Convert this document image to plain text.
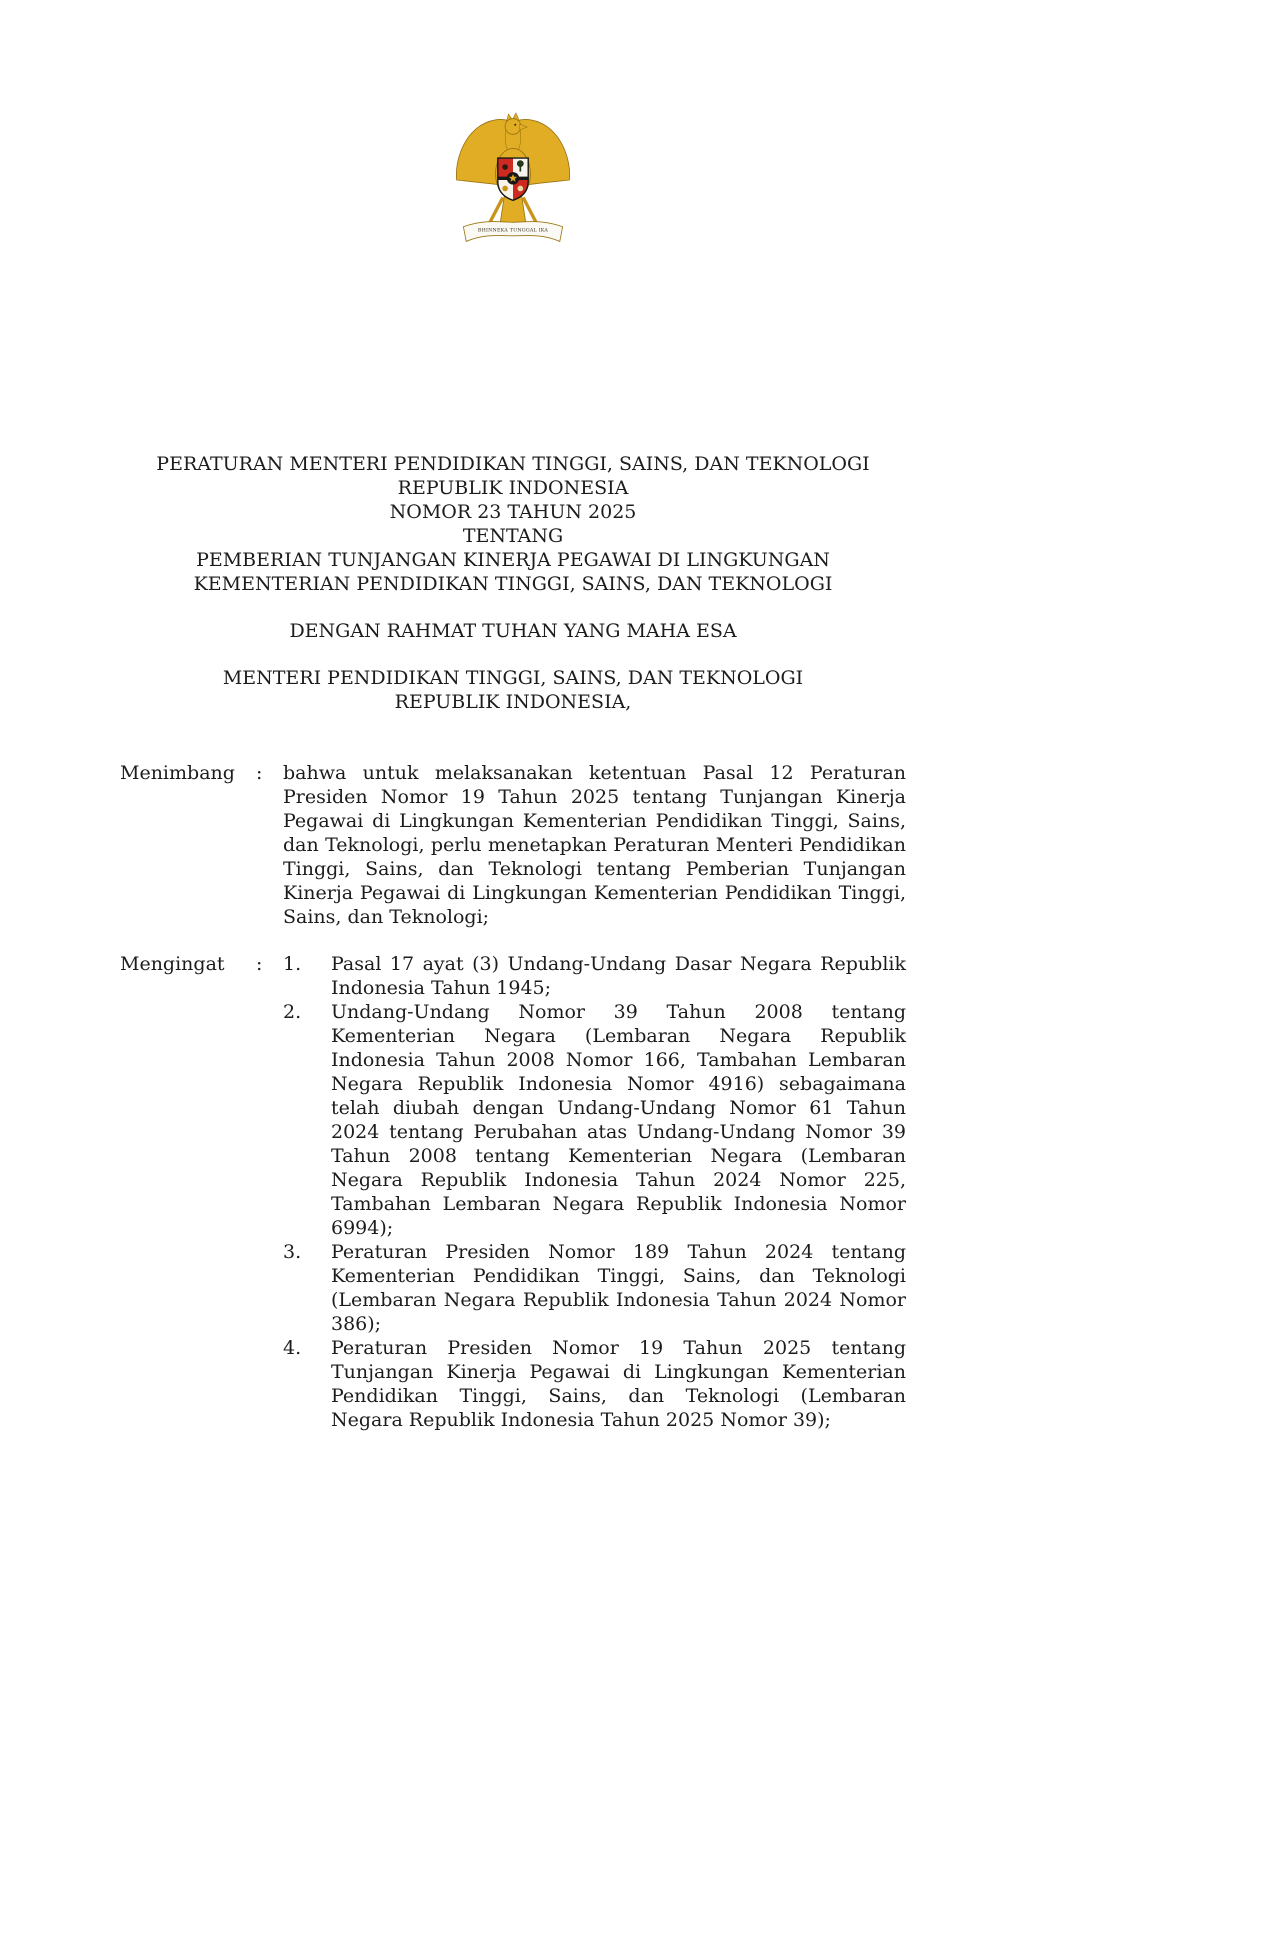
BHINNEKA TUNGGAL IKA
PERATURAN MENTERI PENDIDIKAN TINGGI, SAINS, DAN TEKNOLOGI
REPUBLIK INDONESIA
NOMOR 23 TAHUN 2025
TENTANG
PEMBERIAN TUNJANGAN KINERJA PEGAWAI DI LINGKUNGAN
KEMENTERIAN PENDIDIKAN TINGGI, SAINS, DAN TEKNOLOGI
DENGAN RAHMAT TUHAN YANG MAHA ESA
MENTERI PENDIDIKAN TINGGI, SAINS, DAN TEKNOLOGI
REPUBLIK INDONESIA,
Menimbang	:	bahwa untuk melaksanakan ketentuan Pasal 12 Peraturan Presiden Nomor 19 Tahun 2025 tentang Tunjangan Kinerja Pegawai di Lingkungan Kementerian Pendidikan Tinggi, Sains, dan Teknologi, perlu menetapkan Peraturan Menteri Pendidikan Tinggi, Sains, dan Teknologi tentang Pemberian Tunjangan Kinerja Pegawai di Lingkungan Kementerian Pendidikan Tinggi, Sains, dan Teknologi;
Mengingat	:	1.	Pasal 17 ayat (3) Undang-Undang Dasar Negara Republik Indonesia Tahun 1945;
2.	Undang-Undang Nomor 39 Tahun 2008 tentang Kementerian Negara (Lembaran Negara Republik Indonesia Tahun 2008 Nomor 166, Tambahan Lembaran Negara Republik Indonesia Nomor 4916) sebagaimana telah diubah dengan Undang-Undang Nomor 61 Tahun 2024 tentang Perubahan atas Undang-Undang Nomor 39 Tahun 2008 tentang Kementerian Negara (Lembaran Negara Republik Indonesia Tahun 2024 Nomor 225, Tambahan Lembaran Negara Republik Indonesia Nomor 6994);
3.	Peraturan Presiden Nomor 189 Tahun 2024 tentang Kementerian Pendidikan Tinggi, Sains, dan Teknologi (Lembaran Negara Republik Indonesia Tahun 2024 Nomor 386);
4.	Peraturan Presiden Nomor 19 Tahun 2025 tentang Tunjangan Kinerja Pegawai di Lingkungan Kementerian Pendidikan Tinggi, Sains, dan Teknologi (Lembaran Negara Republik Indonesia Tahun 2025 Nomor 39);
